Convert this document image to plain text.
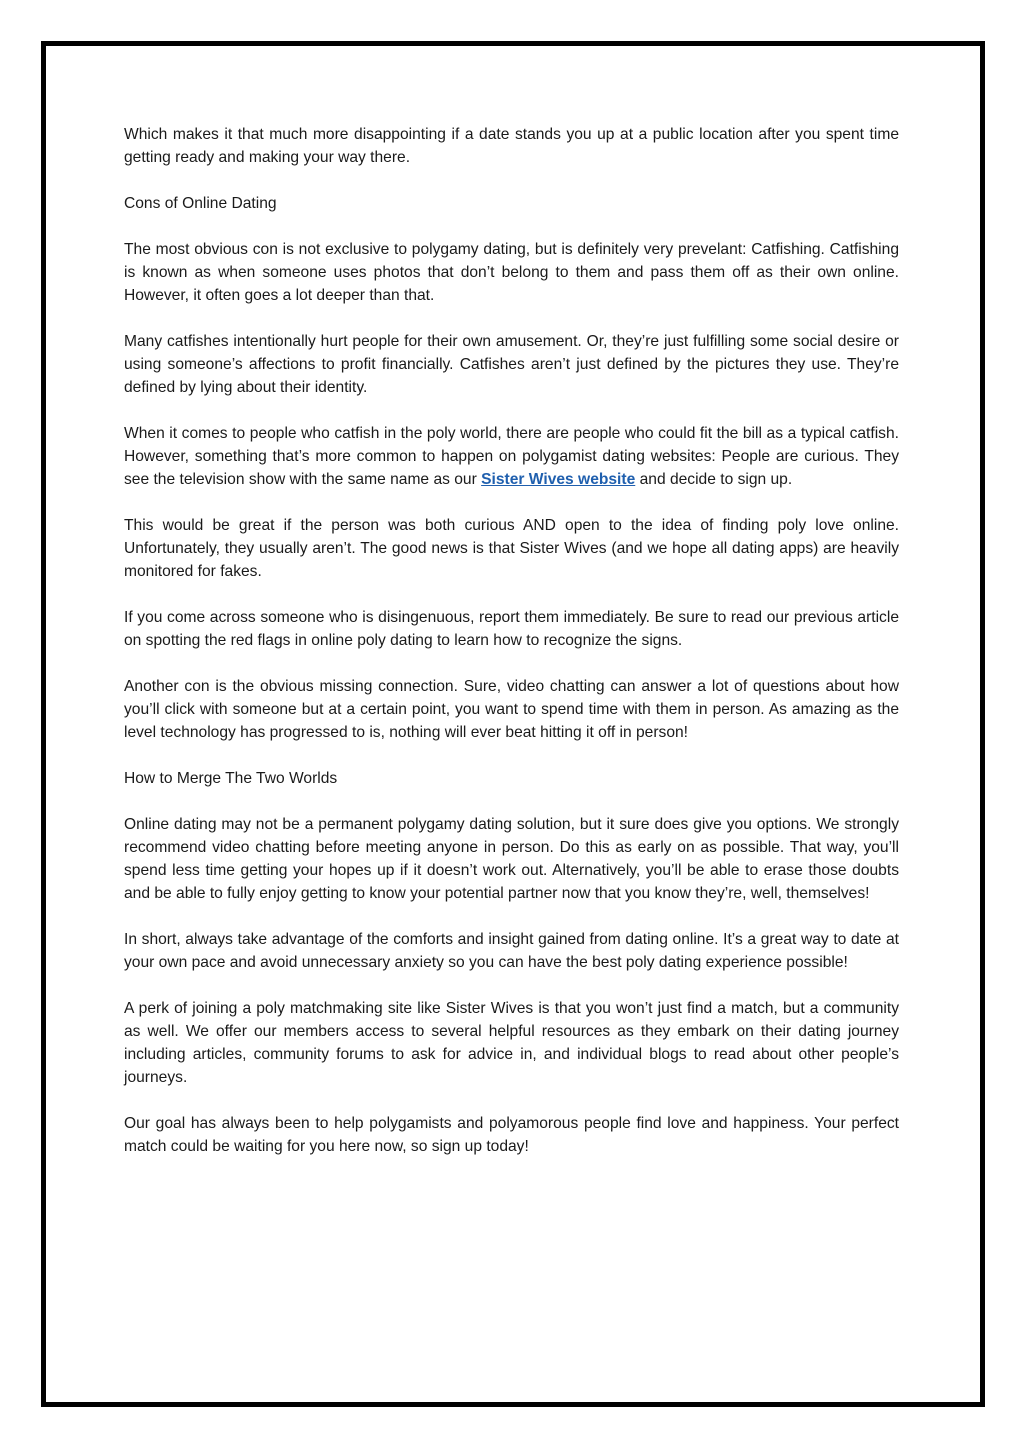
Which makes it that much more disappointing if a date stands you up at a public location after you spent time getting ready and making your way there.

Cons of Online Dating

The most obvious con is not exclusive to polygamy dating, but is definitely very prevelant: Catfishing. Catfishing is known as when someone uses photos that don’t belong to them and pass them off as their own online. However, it often goes a lot deeper than that.

Many catfishes intentionally hurt people for their own amusement. Or, they’re just fulfilling some social desire or using someone’s affections to profit financially. Catfishes aren’t just defined by the pictures they use. They’re defined by lying about their identity.

When it comes to people who catfish in the poly world, there are people who could fit the bill as a typical catfish. However, something that’s more common to happen on polygamist dating websites: People are curious. They see the television show with the same name as our Sister Wives website and decide to sign up.

This would be great if the person was both curious AND open to the idea of finding poly love online. Unfortunately, they usually aren’t. The good news is that Sister Wives (and we hope all dating apps) are heavily monitored for fakes.

If you come across someone who is disingenuous, report them immediately. Be sure to read our previous article on spotting the red flags in online poly dating to learn how to recognize the signs.

Another con is the obvious missing connection. Sure, video chatting can answer a lot of questions about how you’ll click with someone but at a certain point, you want to spend time with them in person. As amazing as the level technology has progressed to is, nothing will ever beat hitting it off in person!

How to Merge The Two Worlds

Online dating may not be a permanent polygamy dating solution, but it sure does give you options. We strongly recommend video chatting before meeting anyone in person. Do this as early on as possible. That way, you’ll spend less time getting your hopes up if it doesn’t work out. Alternatively, you’ll be able to erase those doubts and be able to fully enjoy getting to know your potential partner now that you know they’re, well, themselves!

In short, always take advantage of the comforts and insight gained from dating online. It’s a great way to date at your own pace and avoid unnecessary anxiety so you can have the best poly dating experience possible!

A perk of joining a poly matchmaking site like Sister Wives is that you won’t just find a match, but a community as well. We offer our members access to several helpful resources as they embark on their dating journey including articles, community forums to ask for advice in, and individual blogs to read about other people’s journeys.

Our goal has always been to help polygamists and polyamorous people find love and happiness. Your perfect match could be waiting for you here now, so sign up today!
